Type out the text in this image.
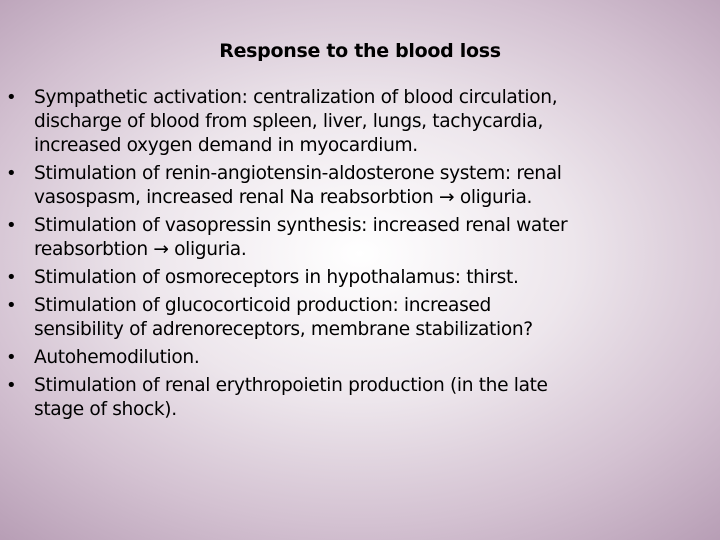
Response to the blood loss
• Sympathetic activation: centralization of blood circulation,
discharge of blood from spleen, liver, lungs, tachycardia,
increased oxygen demand in myocardium.
• Stimulation of renin-angiotensin-aldosterone system: renal
vasospasm, increased renal Na reabsorbtion → oliguria.
• Stimulation of vasopressin synthesis: increased renal water
reabsorbtion → oliguria.
• Stimulation of osmoreceptors in hypothalamus: thirst.
• Stimulation of glucocorticoid production: increased
sensibility of adrenoreceptors, membrane stabilization?
• Autohemodilution.
• Stimulation of renal erythropoietin production (in the late
stage of shock).
